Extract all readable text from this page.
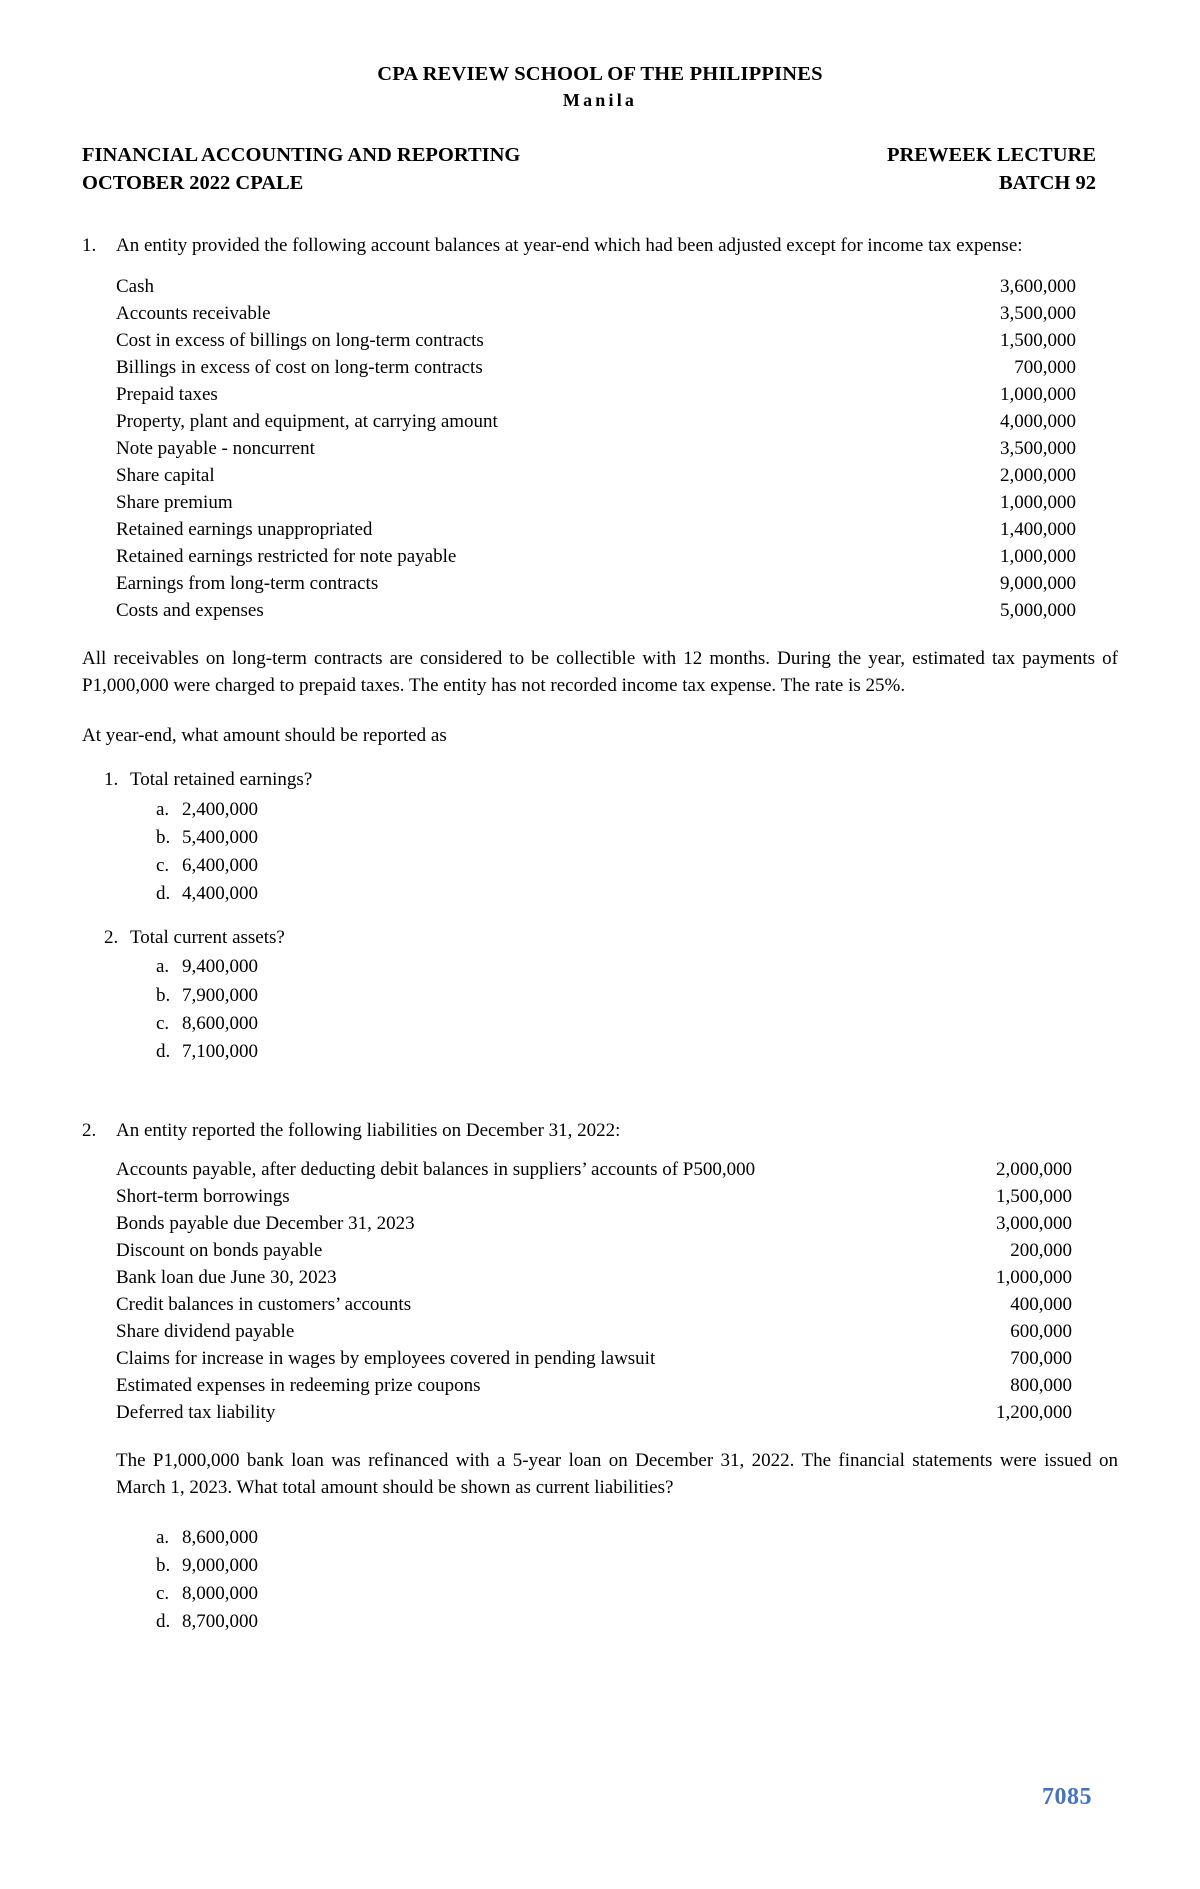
CPA REVIEW SCHOOL OF THE PHILIPPINES
Manila
FINANCIAL ACCOUNTING AND REPORTING
OCTOBER 2022 CPALE
PREWEEK LECTURE
BATCH 92
1.	An entity provided the following account balances at year-end which had been adjusted except for income tax expense:
Cash	3,600,000
Accounts receivable	3,500,000
Cost in excess of billings on long-term contracts	1,500,000
Billings in excess of cost on long-term contracts	700,000
Prepaid taxes	1,000,000
Property, plant and equipment, at carrying amount	4,000,000
Note payable - noncurrent	3,500,000
Share capital	2,000,000
Share premium	1,000,000
Retained earnings unappropriated	1,400,000
Retained earnings restricted for note payable	1,000,000
Earnings from long-term contracts	9,000,000
Costs and expenses	5,000,000
All receivables on long-term contracts are considered to be collectible with 12 months. During the year, estimated tax payments of P1,000,000 were charged to prepaid taxes. The entity has not recorded income tax expense. The rate is 25%.
At year-end, what amount should be reported as
1. Total retained earnings?
a. 2,400,000
b. 5,400,000
c. 6,400,000
d. 4,400,000
2. Total current assets?
a. 9,400,000
b. 7,900,000
c. 8,600,000
d. 7,100,000
2.	An entity reported the following liabilities on December 31, 2022:
Accounts payable, after deducting debit balances in suppliers’ accounts of P500,000	2,000,000
Short-term borrowings	1,500,000
Bonds payable due December 31, 2023	3,000,000
Discount on bonds payable	200,000
Bank loan due June 30, 2023	1,000,000
Credit balances in customers’ accounts	400,000
Share dividend payable	600,000
Claims for increase in wages by employees covered in pending lawsuit	700,000
Estimated expenses in redeeming prize coupons	800,000
Deferred tax liability	1,200,000
The P1,000,000 bank loan was refinanced with a 5-year loan on December 31, 2022. The financial statements were issued on March 1, 2023. What total amount should be shown as current liabilities?
a. 8,600,000
b. 9,000,000
c. 8,000,000
d. 8,700,000
7085
